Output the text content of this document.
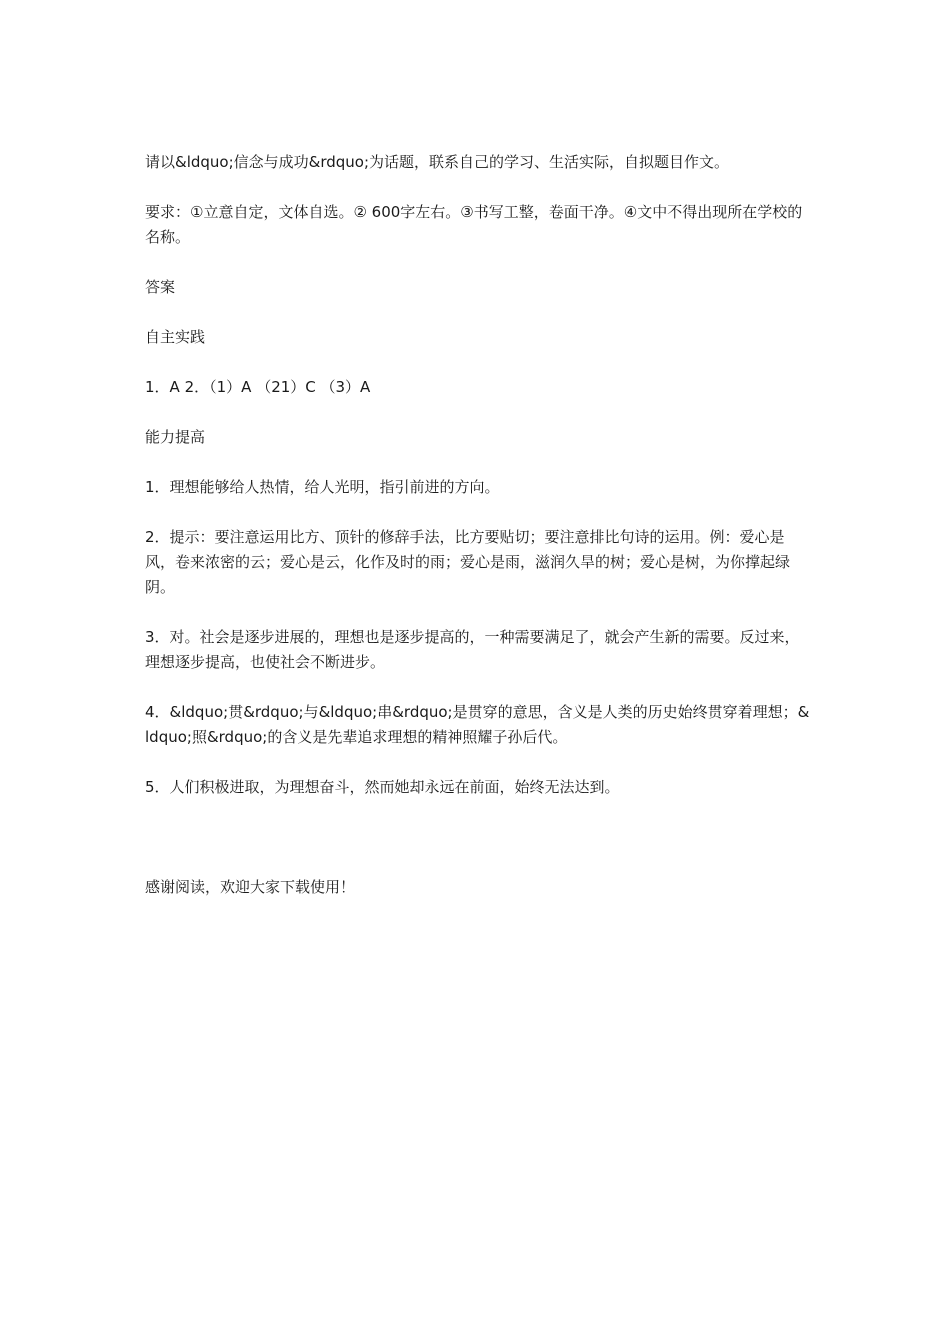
请以&ldquo;信念与成功&rdquo;为话题，联系自己的学习、生活实际，自拟题目作文。

要求：①立意自定，文体自选。② 600字左右。③书写工整，卷面干净。④文中不得出现所在学校的名称。

答案

自主实践

1．A 2．（1）A （21）C （3）A

能力提高

1．理想能够给人热情，给人光明，指引前进的方向。

2．提示：要注意运用比方、顶针的修辞手法，比方要贴切；要注意排比句诗的运用。例：爱心是风，卷来浓密的云；爱心是云，化作及时的雨；爱心是雨，滋润久旱的树；爱心是树，为你撑起绿阴。

3．对。社会是逐步进展的，理想也是逐步提高的，一种需要满足了，就会产生新的需要。反过来，理想逐步提高，也使社会不断进步。

4．&ldquo;贯&rdquo;与&ldquo;串&rdquo;是贯穿的意思，含义是人类的历史始终贯穿着理想；&ldquo;照&rdquo;的含义是先辈追求理想的精神照耀子孙后代。

5．人们积极进取，为理想奋斗，然而她却永远在前面，始终无法达到。

感谢阅读，欢迎大家下载使用！
